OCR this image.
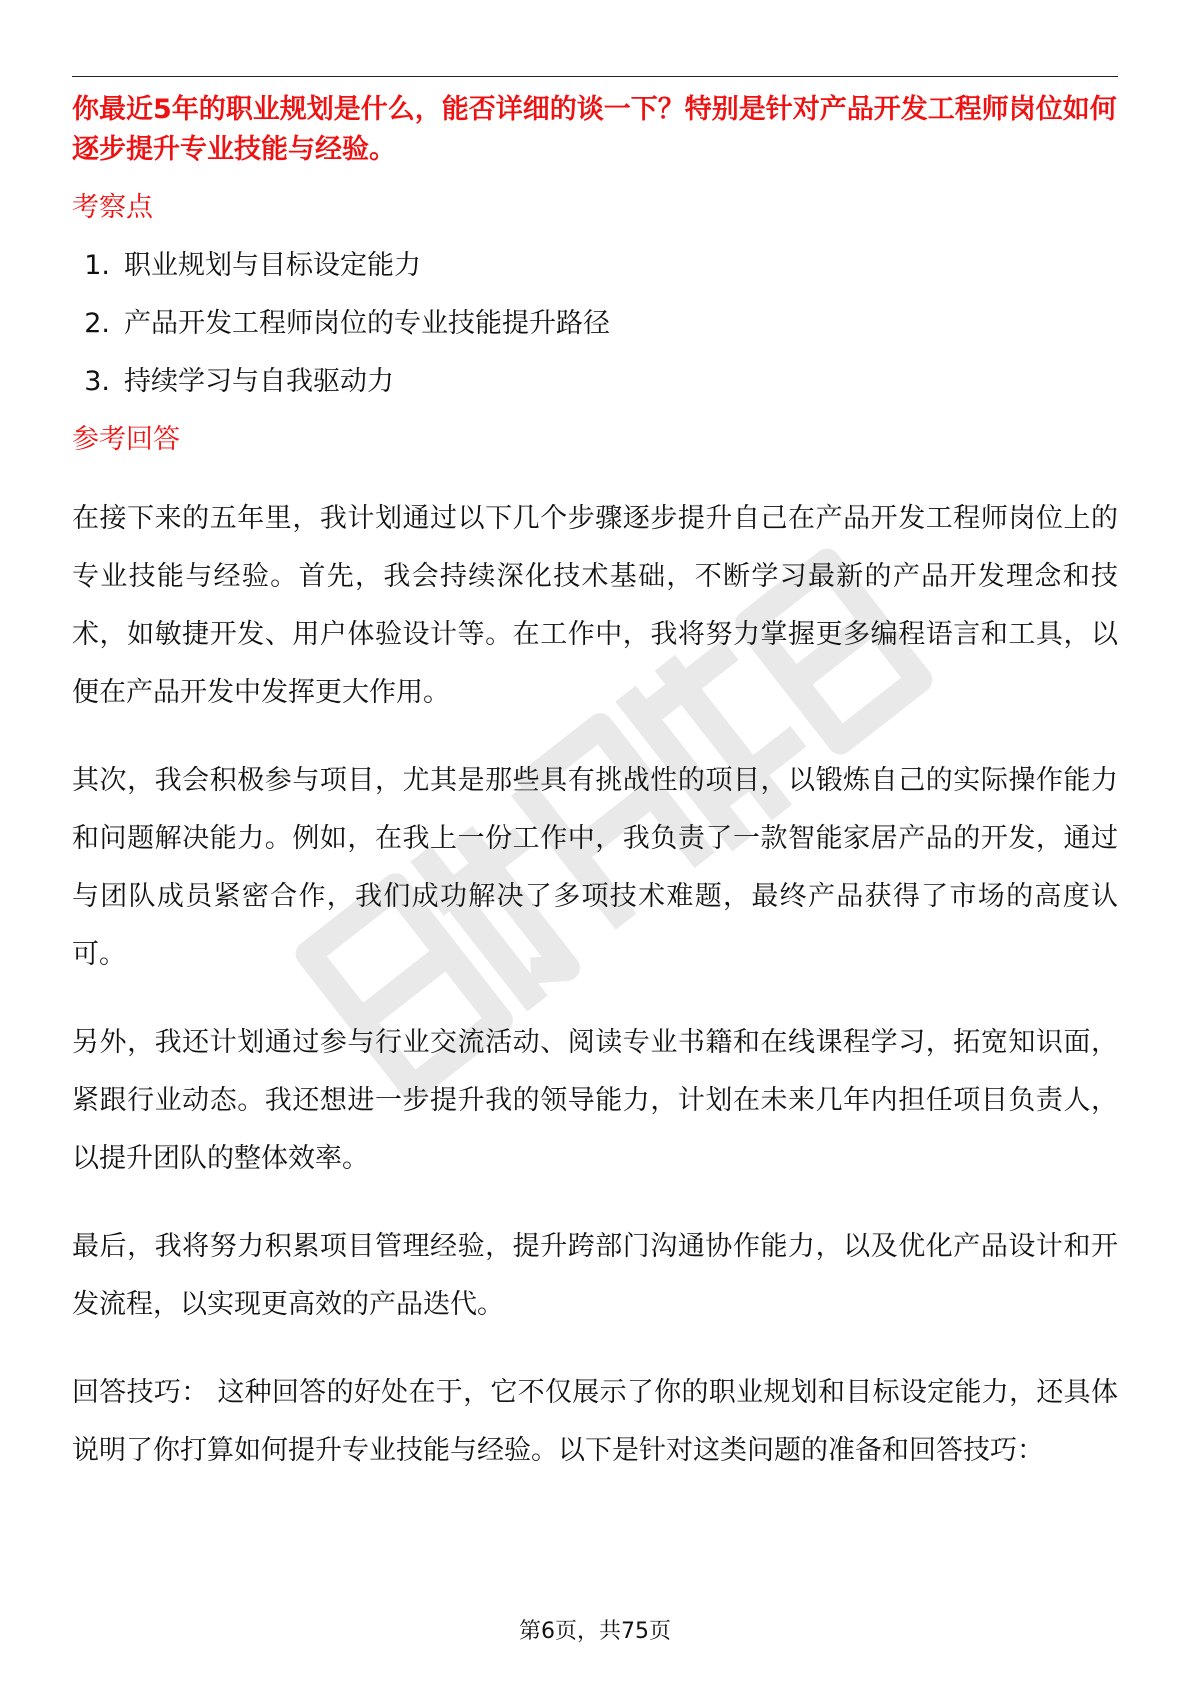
你最近5年的职业规划是什么，能否详细的谈一下？特别是针对产品开发工程师岗位如何逐步提升专业技能与经验。

考察点

1. 职业规划与目标设定能力
2. 产品开发工程师岗位的专业技能提升路径
3. 持续学习与自我驱动力

参考回答

在接下来的五年里，我计划通过以下几个步骤逐步提升自己在产品开发工程师岗位上的专业技能与经验。首先，我会持续深化技术基础，不断学习最新的产品开发理念和技术，如敏捷开发、用户体验设计等。在工作中，我将努力掌握更多编程语言和工具，以便在产品开发中发挥更大作用。

其次，我会积极参与项目，尤其是那些具有挑战性的项目，以锻炼自己的实际操作能力和问题解决能力。例如，在我上一份工作中，我负责了一款智能家居产品的开发，通过与团队成员紧密合作，我们成功解决了多项技术难题，最终产品获得了市场的高度认可。

另外，我还计划通过参与行业交流活动、阅读专业书籍和在线课程学习，拓宽知识面，紧跟行业动态。我还想进一步提升我的领导能力，计划在未来几年内担任项目负责人，以提升团队的整体效率。

最后，我将努力积累项目管理经验，提升跨部门沟通协作能力，以及优化产品设计和开发流程，以实现更高效的产品迭代。

回答技巧： 这种回答的好处在于，它不仅展示了你的职业规划和目标设定能力，还具体说明了你打算如何提升专业技能与经验。以下是针对这类问题的准备和回答技巧：

第6页，共75页
